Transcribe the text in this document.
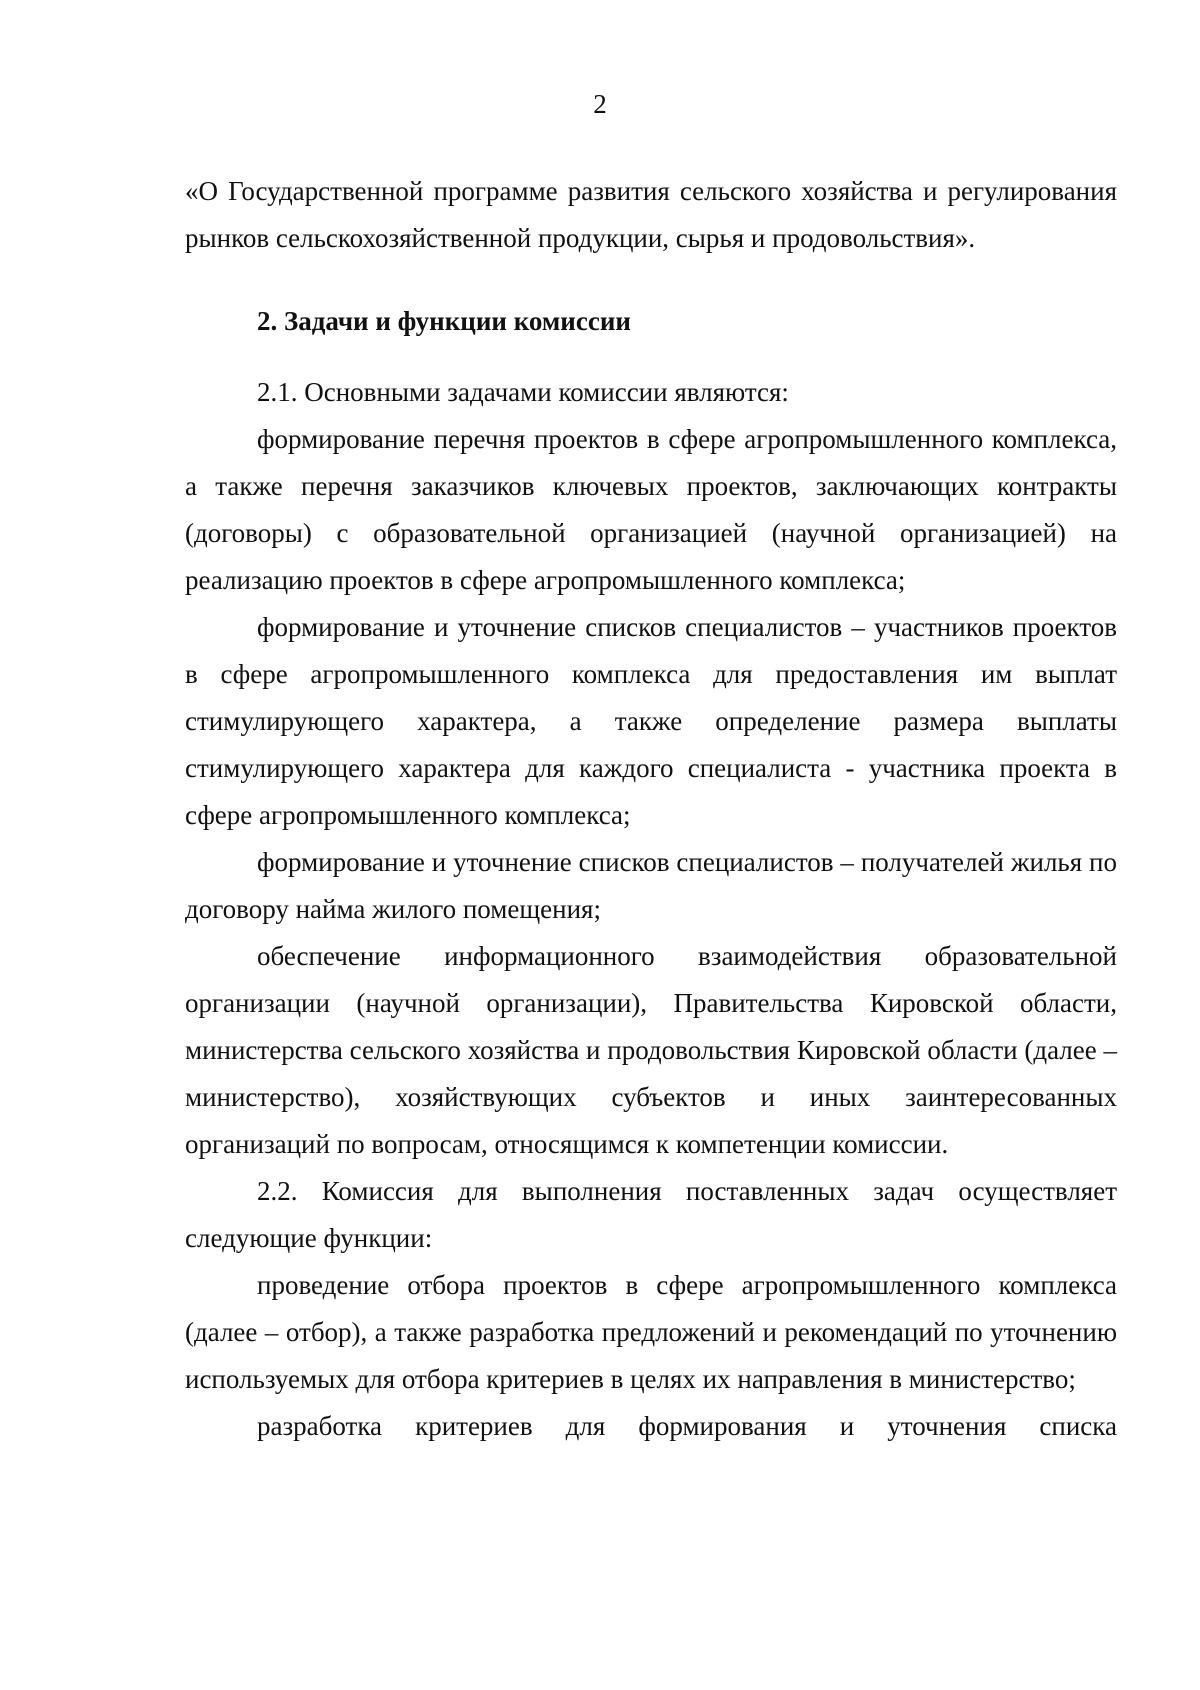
2

«О Государственной программе развития сельского хозяйства и регулирования рынков сельскохозяйственной продукции, сырья и продовольствия».

2. Задачи и функции комиссии

2.1. Основными задачами комиссии являются:

формирование перечня проектов в сфере агропромышленного комплекса, а также перечня заказчиков ключевых проектов, заключающих контракты (договоры) с образовательной организацией (научной организацией) на реализацию проектов в сфере агропромышленного комплекса;

формирование и уточнение списков специалистов – участников проектов в сфере агропромышленного комплекса для предоставления им выплат стимулирующего характера, а также определение размера выплаты стимулирующего характера для каждого специалиста - участника проекта в сфере агропромышленного комплекса;

формирование и уточнение списков специалистов – получателей жилья по договору найма жилого помещения;

обеспечение информационного взаимодействия образовательной организации (научной организации), Правительства Кировской области, министерства сельского хозяйства и продовольствия Кировской области (далее – министерство), хозяйствующих субъектов и иных заинтересованных организаций по вопросам, относящимся к компетенции комиссии.

2.2. Комиссия для выполнения поставленных задач осуществляет следующие функции:

проведение отбора проектов в сфере агропромышленного комплекса (далее – отбор), а также разработка предложений и рекомендаций по уточнению используемых для отбора критериев в целях их направления в министерство;

разработка критериев для формирования и уточнения списка
